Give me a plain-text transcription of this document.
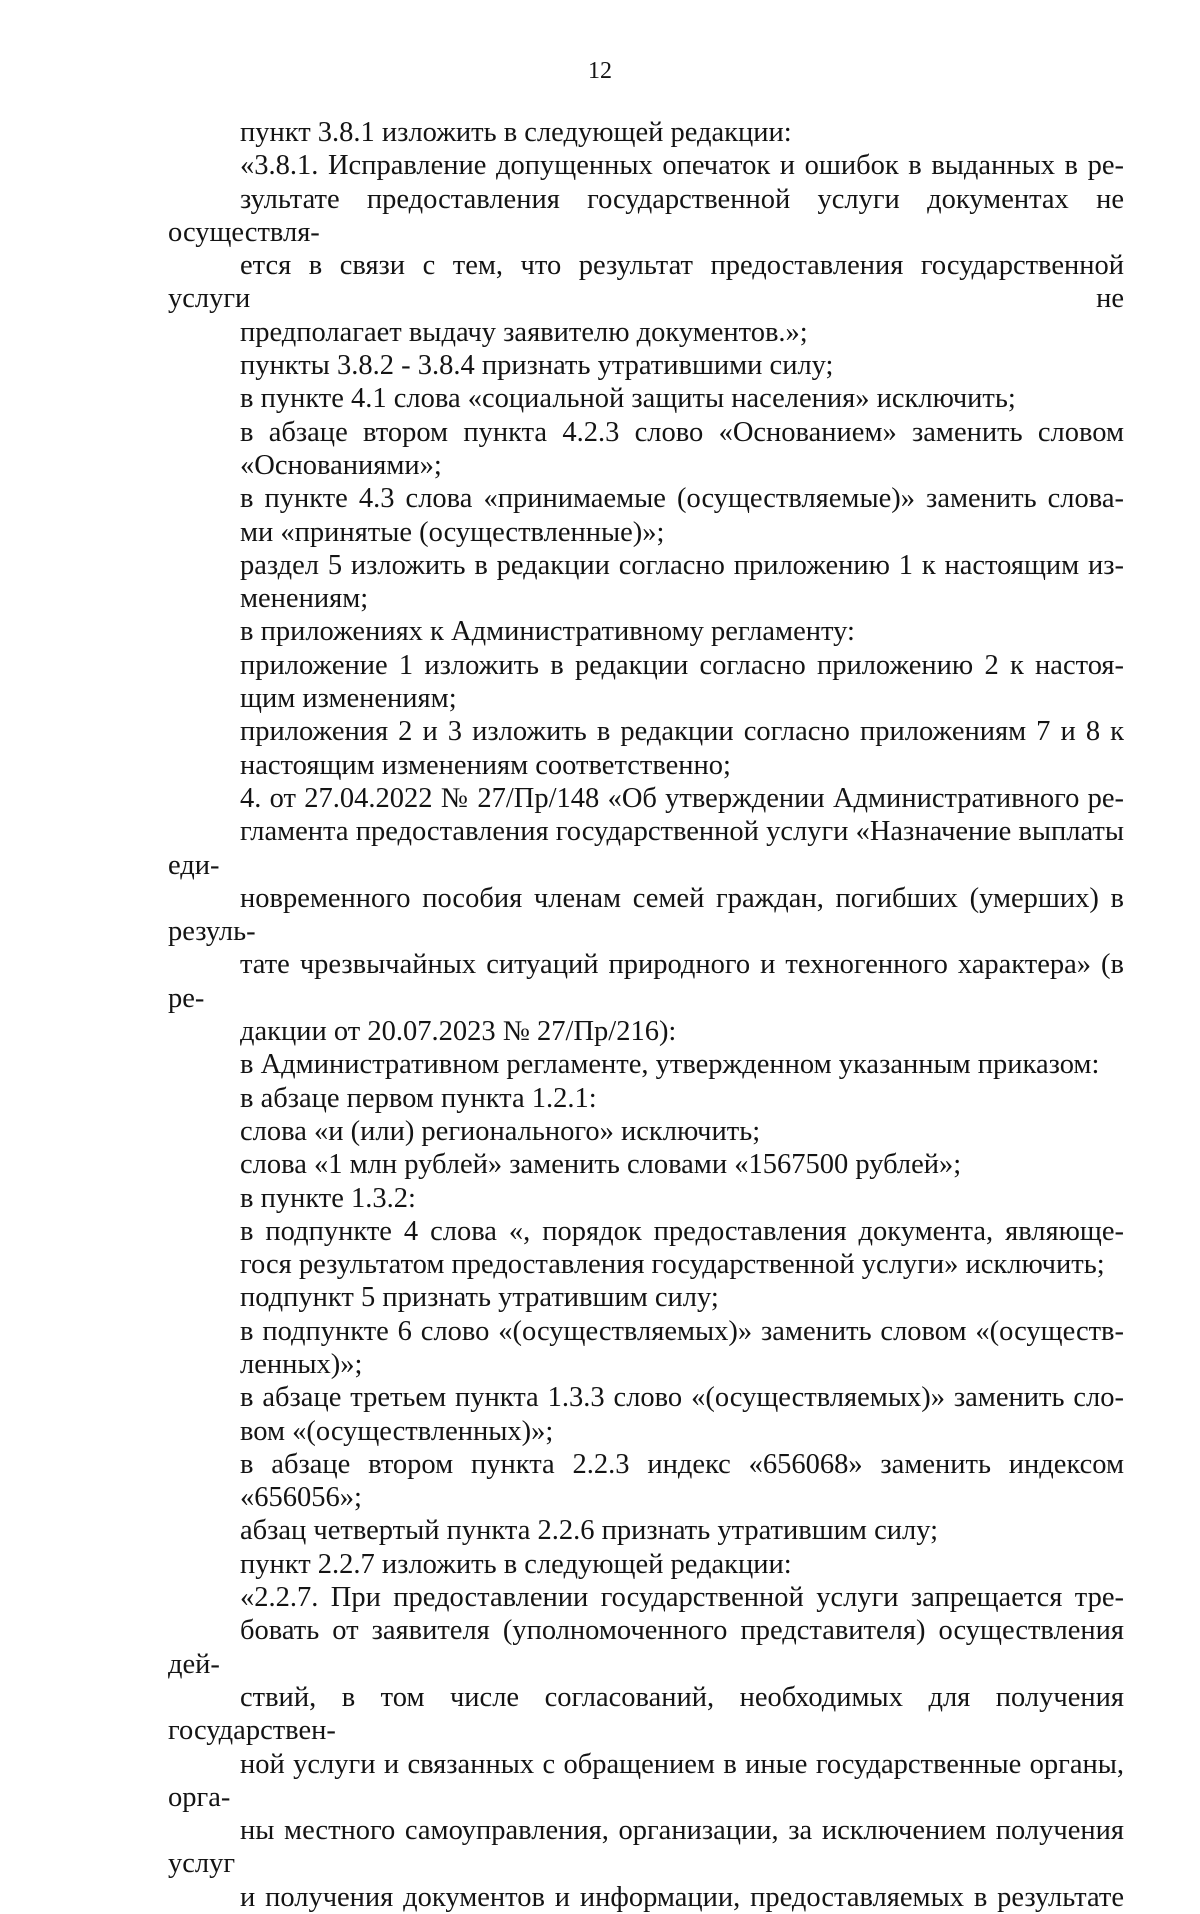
12

пункт 3.8.1 изложить в следующей редакции:

«3.8.1. Исправление допущенных опечаток и ошибок в выданных в ре-
зультате предоставления государственной услуги документах не осуществля-
ется в связи с тем, что результат предоставления государственной услуги не
предполагает выдачу заявителю документов.»;

пункты 3.8.2 - 3.8.4 признать утратившими силу;

в пункте 4.1 слова «социальной защиты населения» исключить;

в абзаце втором пункта 4.2.3 слово «Основанием» заменить словом
«Основаниями»;

в пункте 4.3 слова «принимаемые (осуществляемые)» заменить слова-
ми «принятые (осуществленные)»;

раздел 5 изложить в редакции согласно приложению 1 к настоящим из-
менениям;

в приложениях к Административному регламенту:

приложение 1 изложить в редакции согласно приложению 2 к настоя-
щим изменениям;

приложения 2 и 3 изложить в редакции согласно приложениям 7 и 8 к
настоящим изменениям соответственно;

4. от 27.04.2022 № 27/Пр/148 «Об утверждении Административного ре-
гламента предоставления государственной услуги «Назначение выплаты еди-
новременного пособия членам семей граждан, погибших (умерших) в резуль-
тате чрезвычайных ситуаций природного и техногенного характера» (в ре-
дакции от 20.07.2023 № 27/Пр/216):

в Административном регламенте, утвержденном указанным приказом:

в абзаце первом пункта 1.2.1:

слова «и (или) регионального» исключить;

слова «1 млн рублей» заменить словами «1567500 рублей»;

в пункте 1.3.2:

в подпункте 4 слова «, порядок предоставления документа, являюще-
гося результатом предоставления государственной услуги» исключить;

подпункт 5 признать утратившим силу;

в подпункте 6 слово «(осуществляемых)» заменить словом «(осуществ-
ленных)»;

в абзаце третьем пункта 1.3.3 слово «(осуществляемых)» заменить сло-
вом «(осуществленных)»;

в абзаце втором пункта 2.2.3 индекс «656068» заменить индексом
«656056»;

абзац четвертый пункта 2.2.6 признать утратившим силу;

пункт 2.2.7 изложить в следующей редакции:

«2.2.7. При предоставлении государственной услуги запрещается тре-
бовать от заявителя (уполномоченного представителя) осуществления дей-
ствий, в том числе согласований, необходимых для получения государствен-
ной услуги и связанных с обращением в иные государственные органы, орга-
ны местного самоуправления, организации, за исключением получения услуг
и получения документов и информации, предоставляемых в результате
